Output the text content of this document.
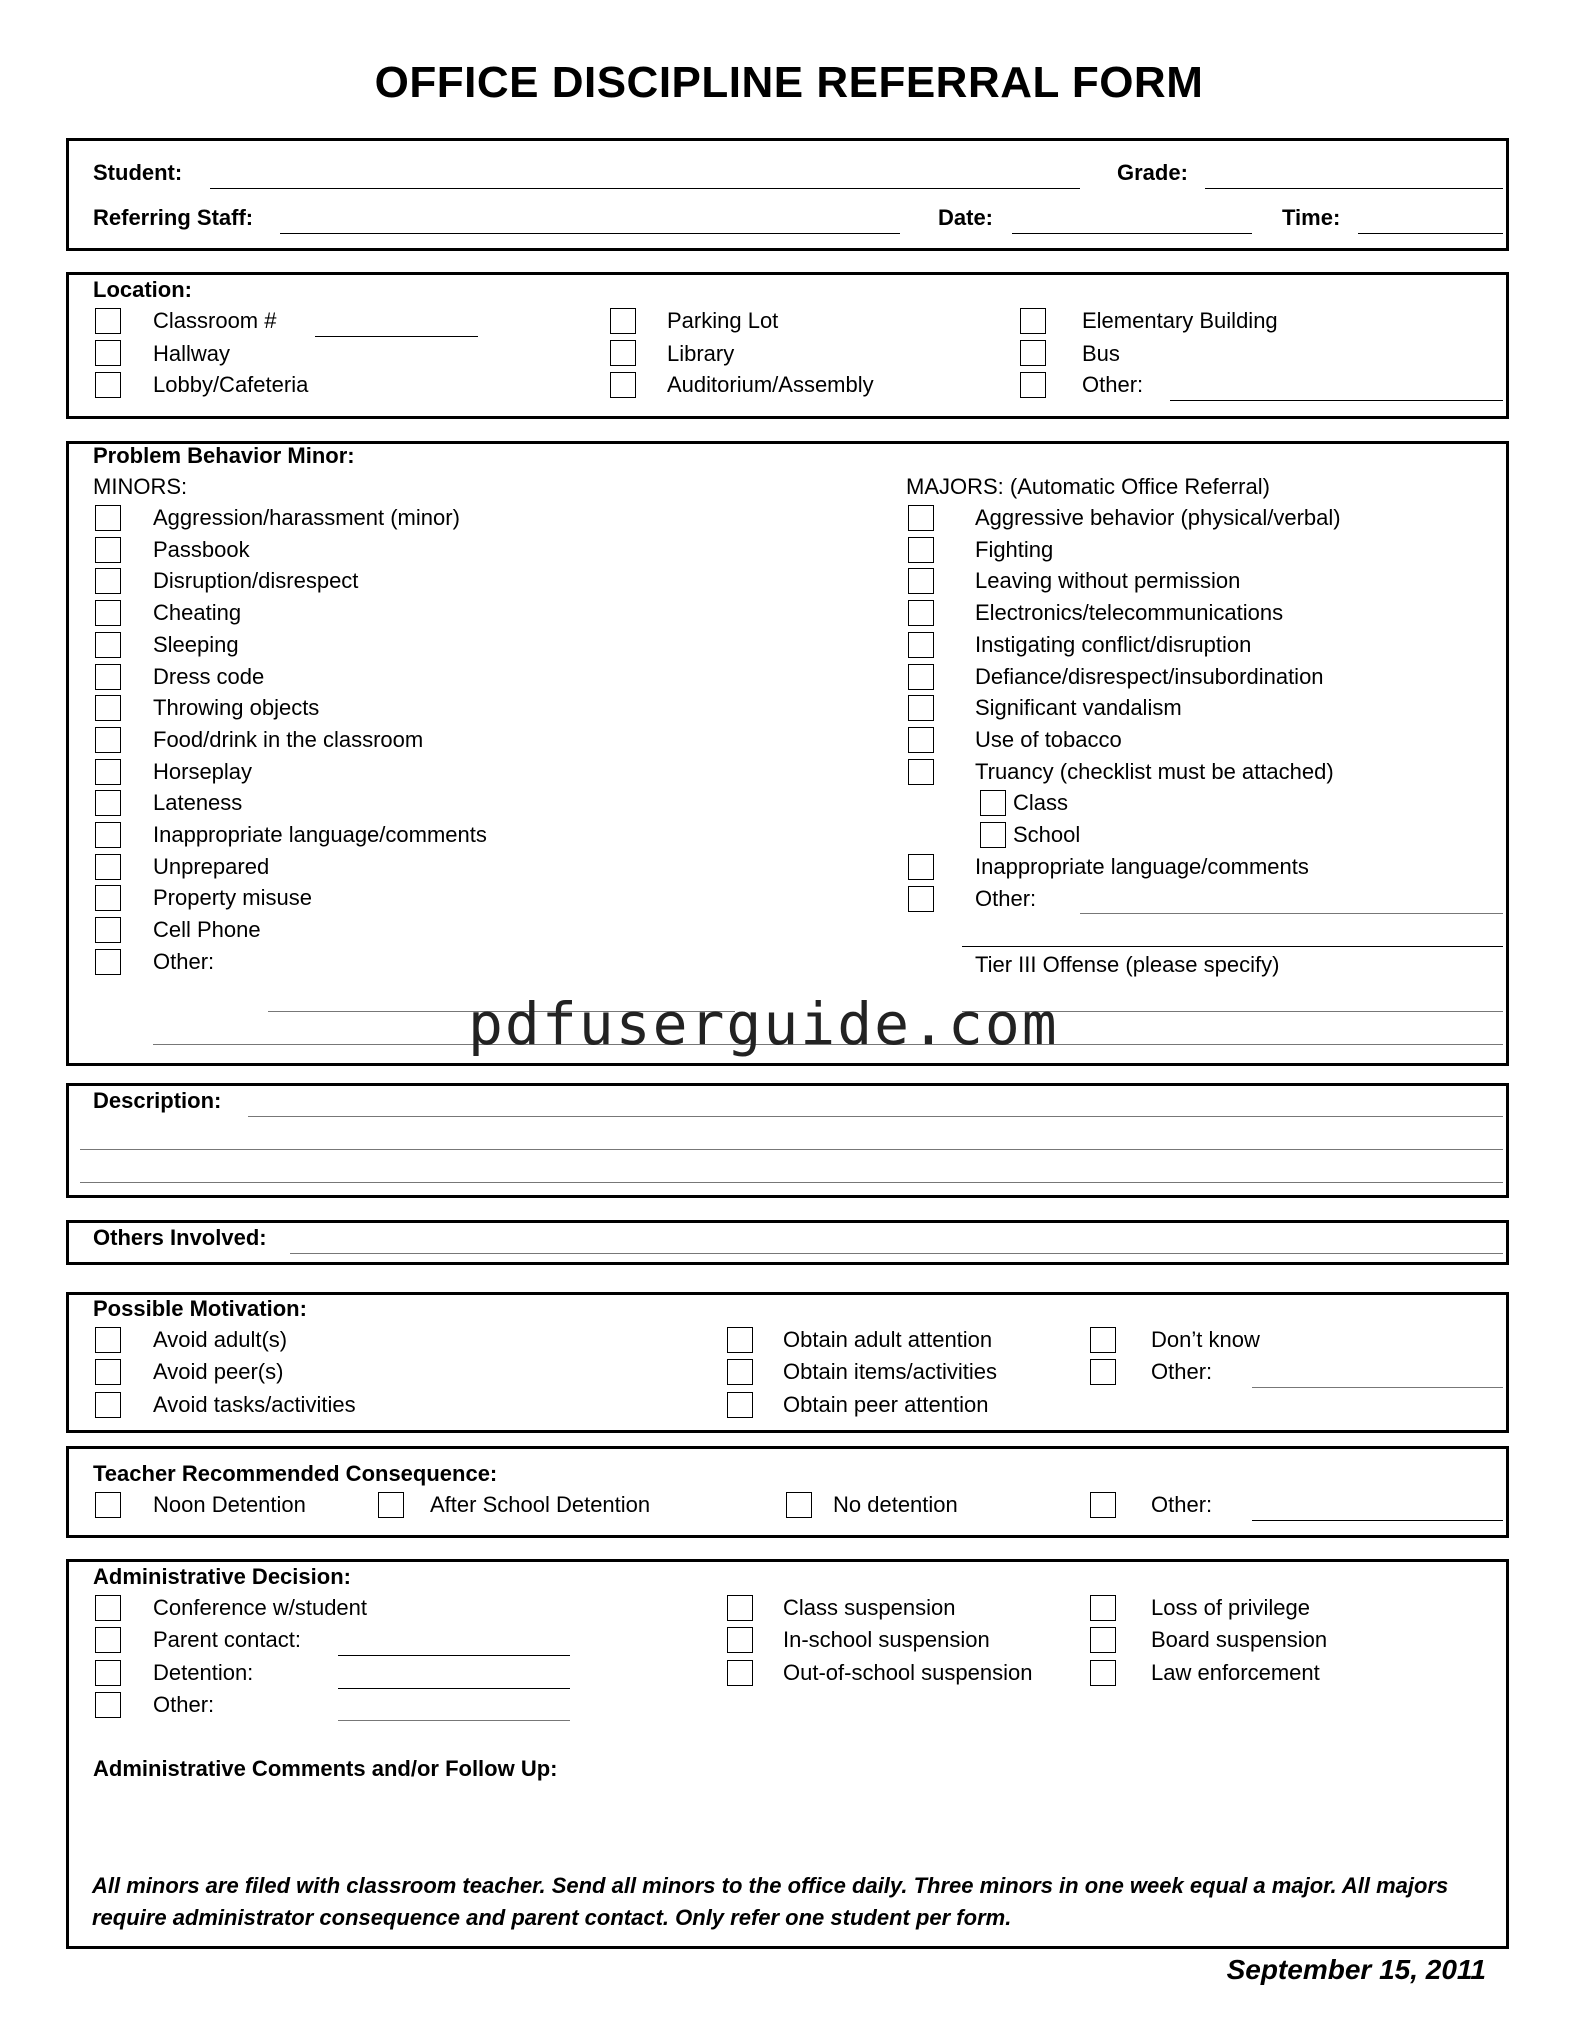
OFFICE DISCIPLINE REFERRAL FORM
Student:	Grade:
Referring Staff:	Date:	Time:
Location:
Classroom #
Hallway
Lobby/Cafeteria
Parking Lot
Library
Auditorium/Assembly
Elementary Building
Bus
Other:
Problem Behavior Minor:
MINORS:	MAJORS: (Automatic Office Referral)
Aggression/harassment (minor)
Passbook
Disruption/disrespect
Cheating
Sleeping
Dress code
Throwing objects
Food/drink in the classroom
Horseplay
Lateness
Inappropriate language/comments
Unprepared
Property misuse
Cell Phone
Other:
Aggressive behavior (physical/verbal)
Fighting
Leaving without permission
Electronics/telecommunications
Instigating conflict/disruption
Defiance/disrespect/insubordination
Significant vandalism
Use of tobacco
Truancy (checklist must be attached)
Class
School
Inappropriate language/comments
Other:
Tier III Offense (please specify)
pdfuserguide.com
Description:
Others Involved:
Possible Motivation:
Avoid adult(s)
Avoid peer(s)
Avoid tasks/activities
Obtain adult attention
Obtain items/activities
Obtain peer attention
Don’t know
Other:
Teacher Recommended Consequence:
Noon Detention	After School Detention	No detention	Other:
Administrative Decision:
Conference w/student
Parent contact:
Detention:
Other:
Class suspension
In-school suspension
Out-of-school suspension
Loss of privilege
Board suspension
Law enforcement
Administrative Comments and/or Follow Up:
All minors are filed with classroom teacher. Send all minors to the office daily. Three minors in one week equal a major. All majors require administrator consequence and parent contact. Only refer one student per form.
September 15, 2011
